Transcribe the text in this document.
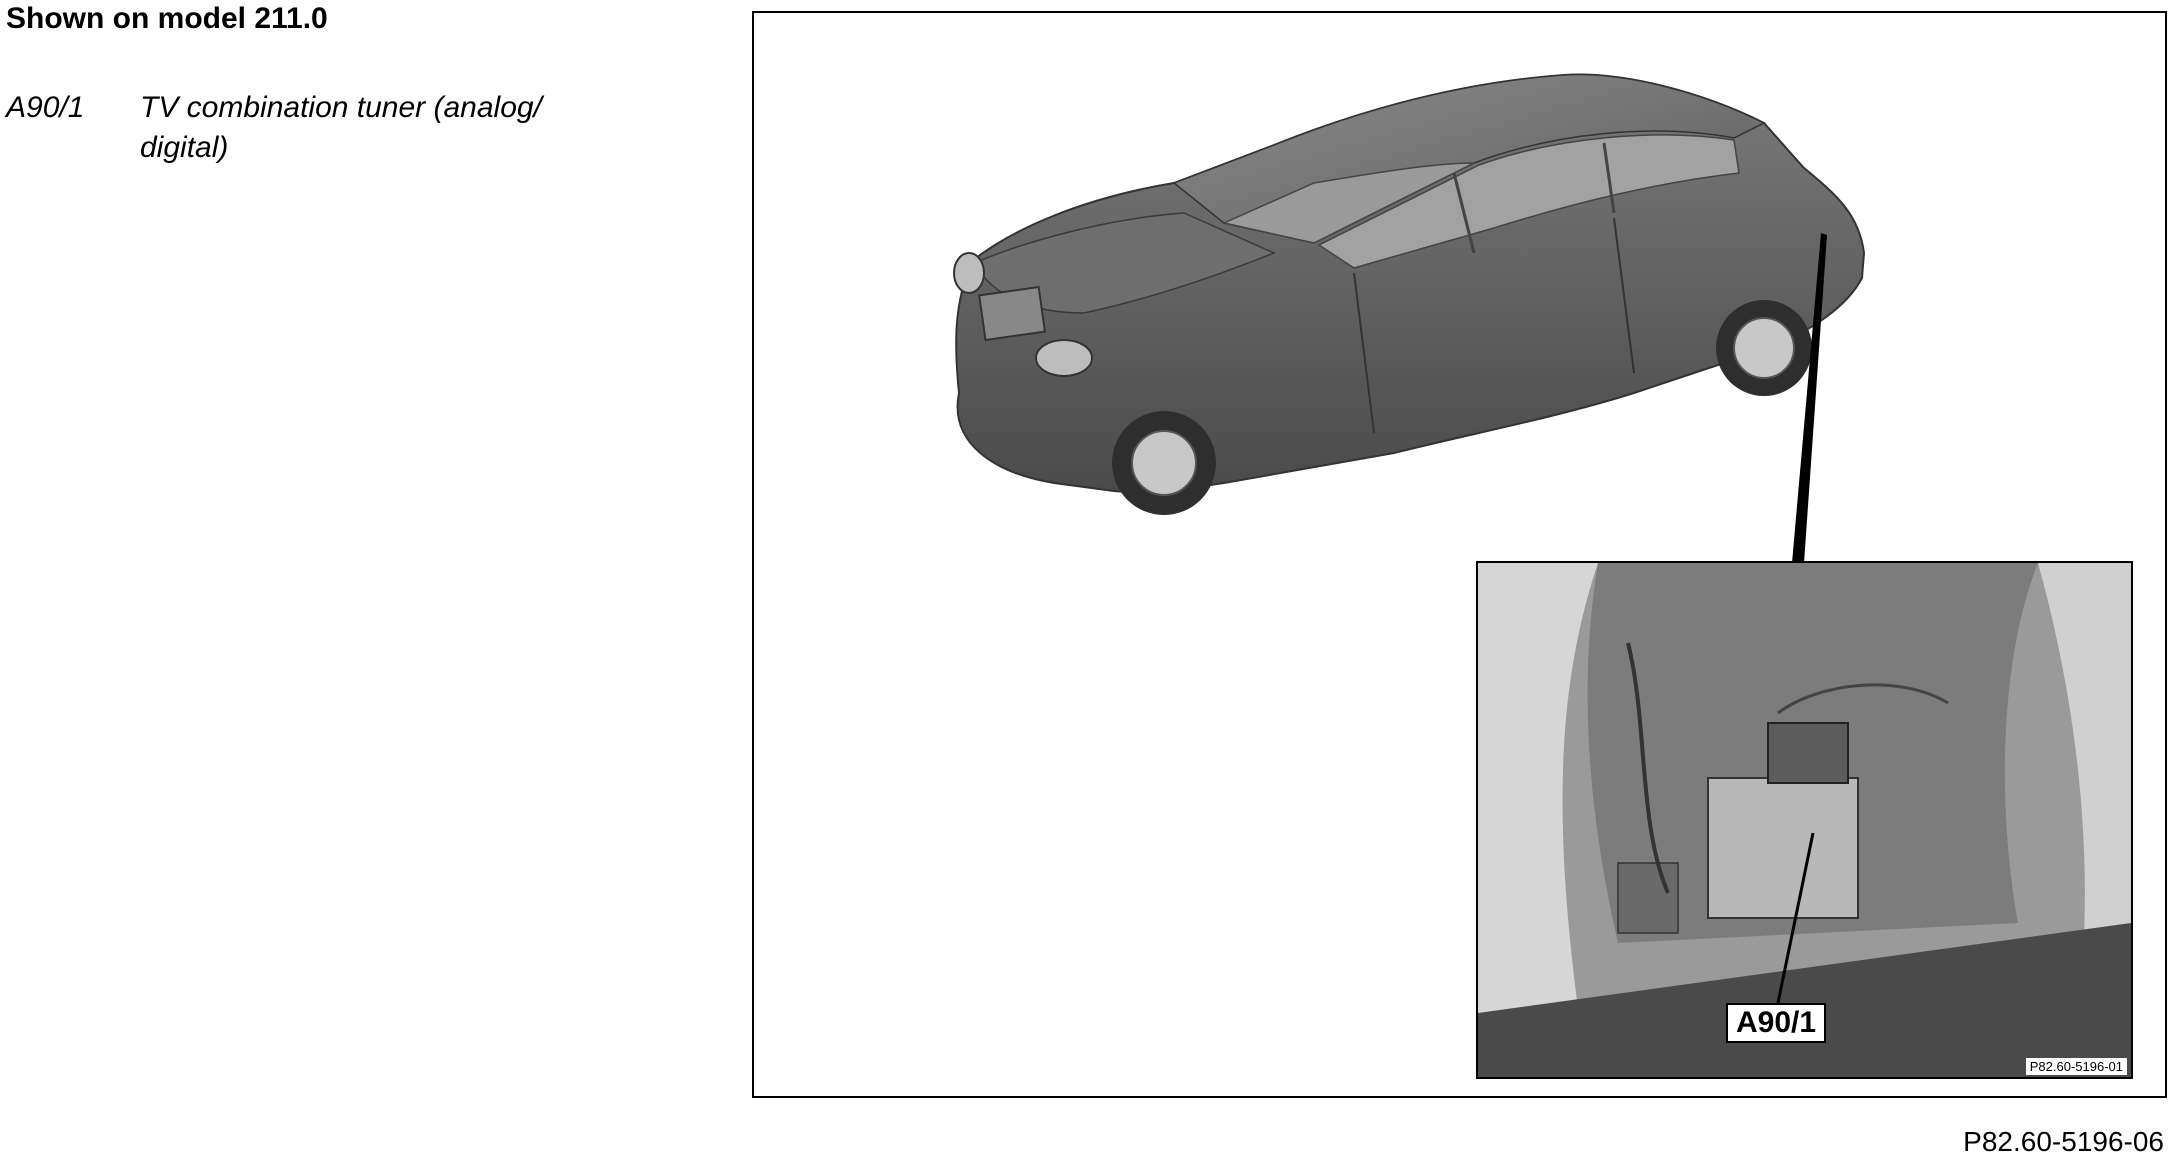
Shown on model 211.0
A90/1	TV combination tuner (analog/ digital)
A90/1
P82.60-5196-01
P82.60-5196-06
